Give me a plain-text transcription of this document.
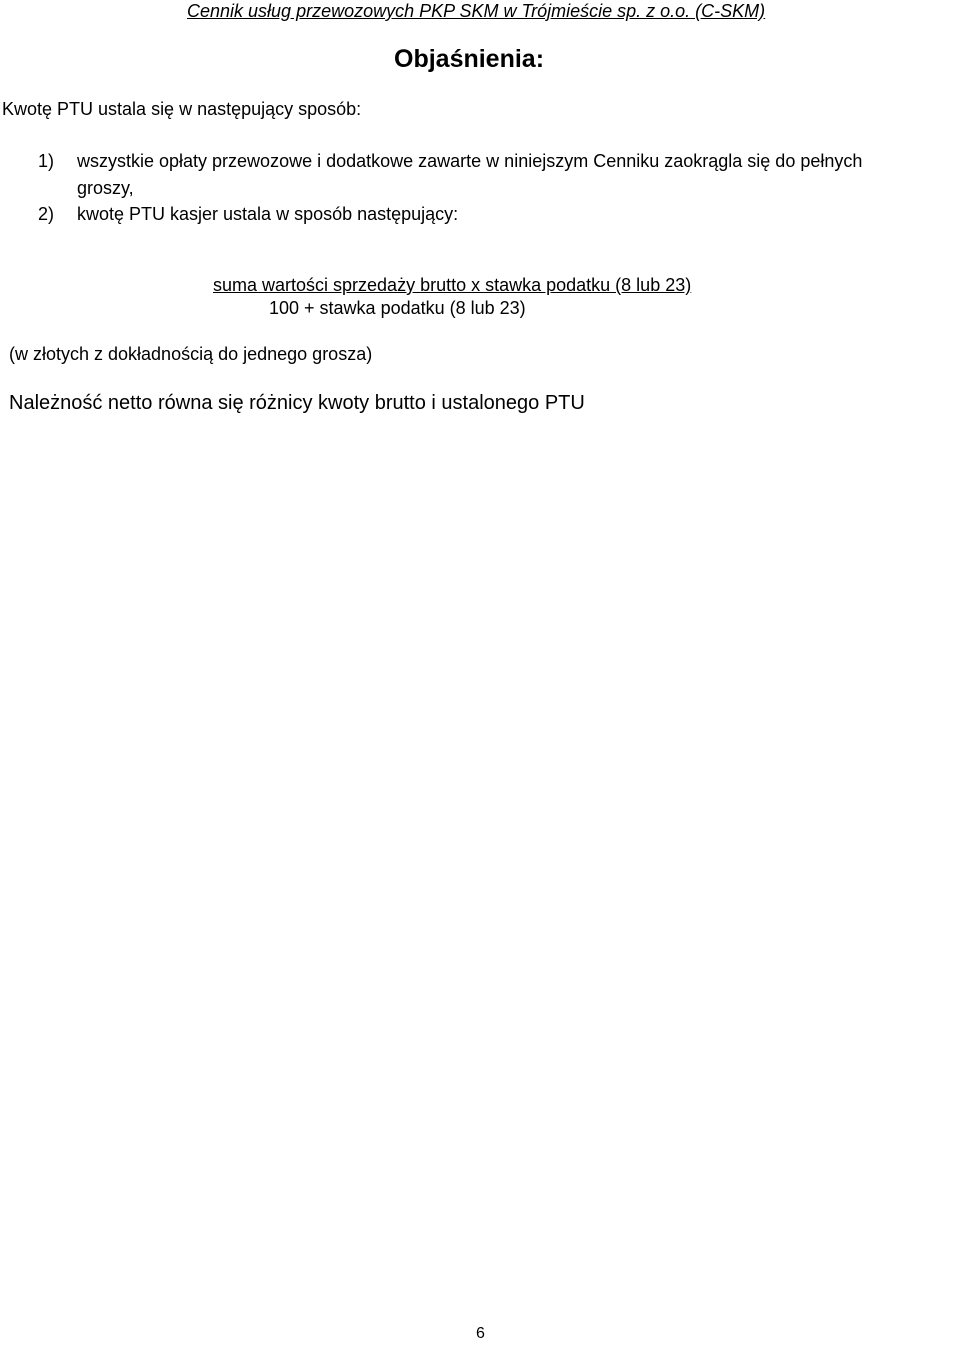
Cennik usług przewozowych PKP SKM w Trójmieście sp. z o.o. (C-SKM)
Objaśnienia:
Kwotę PTU ustala się w następujący sposób:
1) wszystkie opłaty przewozowe i dodatkowe zawarte w niniejszym Cenniku zaokrągla się do pełnych
groszy,
2) kwotę PTU kasjer ustala w sposób następujący:
suma wartości sprzedaży brutto x stawka podatku (8 lub 23)
100 + stawka podatku (8 lub 23)
(w złotych z dokładnością do jednego grosza)
Należność netto równa się różnicy kwoty brutto i ustalonego PTU
6
